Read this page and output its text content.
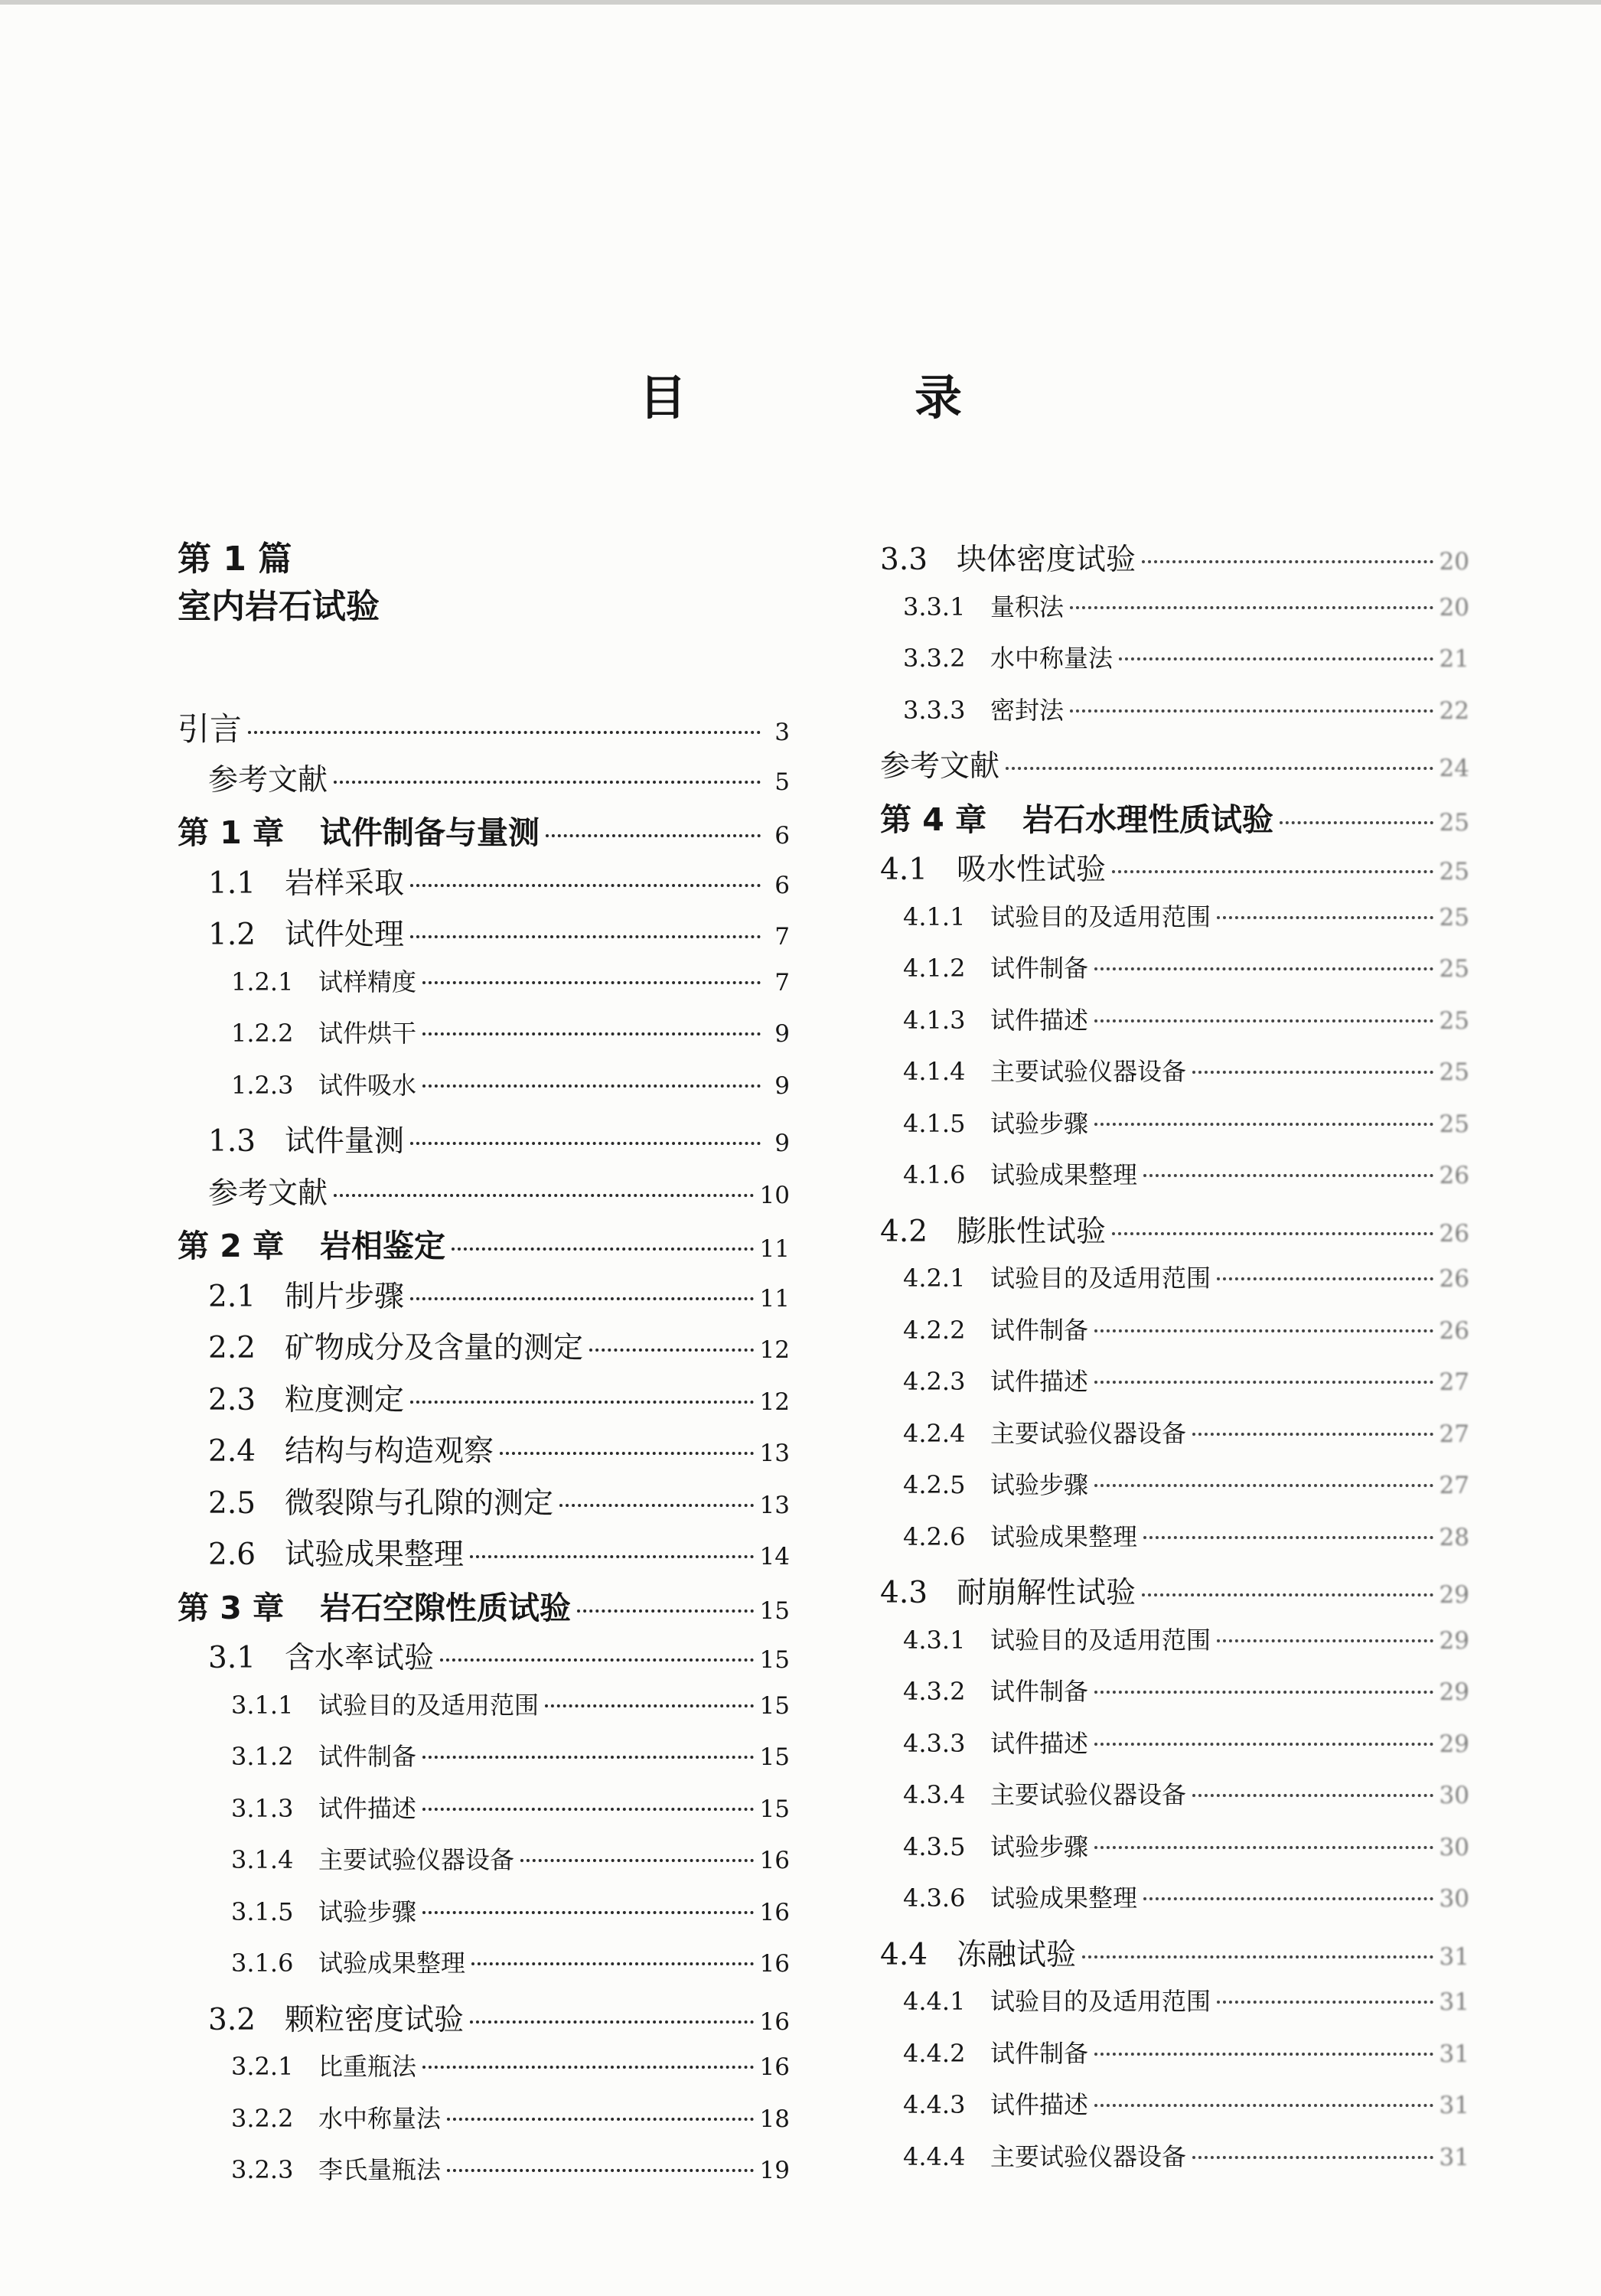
目　录
第 1 篇
室内岩石试验
引言	3
参考文献	5
第 1 章	试件制备与量测	6
1.1 岩样采取	6
1.2 试件处理	7
1.2.1	试样精度	7
1.2.2	试件烘干	9
1.2.3	试件吸水	9
1.3 试件量测	9
参考文献	10
第 2 章	岩相鉴定	11
2.1 制片步骤	11
2.2 矿物成分及含量的测定	12
2.3 粒度测定	12
2.4 结构与构造观察	13
2.5 微裂隙与孔隙的测定	13
2.6 试验成果整理	14
第 3 章	岩石空隙性质试验	15
3.1 含水率试验	15
3.1.1	试验目的及适用范围	15
3.1.2	试件制备	15
3.1.3	试件描述	15
3.1.4	主要试验仪器设备	16
3.1.5	试验步骤	16
3.1.6	试验成果整理	16
3.2 颗粒密度试验	16
3.2.1	比重瓶法	16
3.2.2	水中称量法	18
3.2.3	李氏量瓶法	19
3.3 块体密度试验	20
3.3.1	量积法	20
3.3.2	水中称量法	21
3.3.3	密封法	22
参考文献	24
第 4 章	岩石水理性质试验	25
4.1 吸水性试验	25
4.1.1	试验目的及适用范围	25
4.1.2	试件制备	25
4.1.3	试件描述	25
4.1.4	主要试验仪器设备	25
4.1.5	试验步骤	25
4.1.6	试验成果整理	26
4.2 膨胀性试验	26
4.2.1	试验目的及适用范围	26
4.2.2	试件制备	26
4.2.3	试件描述	27
4.2.4	主要试验仪器设备	27
4.2.5	试验步骤	27
4.2.6	试验成果整理	28
4.3 耐崩解性试验	29
4.3.1	试验目的及适用范围	29
4.3.2	试件制备	29
4.3.3	试件描述	29
4.3.4	主要试验仪器设备	30
4.3.5	试验步骤	30
4.3.6	试验成果整理	30
4.4 冻融试验	31
4.4.1	试验目的及适用范围	31
4.4.2	试件制备	31
4.4.3	试件描述	31
4.4.4	主要试验仪器设备	31
